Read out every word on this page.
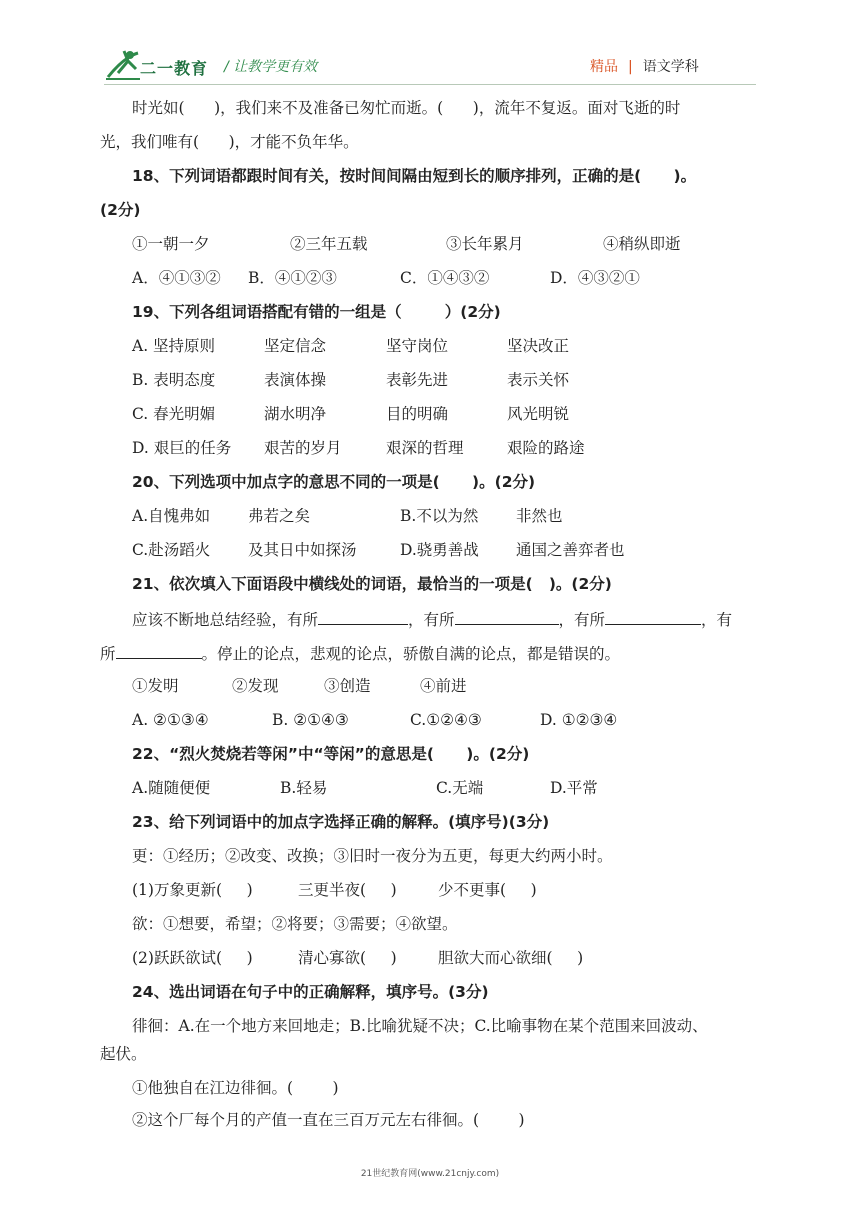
二一教育 / 让教学更有效	精品 | 语文学科
时光如(      )，我们来不及准备已匆忙而逝。(      )，流年不复返。面对飞逝的时
光，我们唯有(      )，才能不负年华。
18、下列词语都跟时间有关，按时间间隔由短到长的顺序排列，正确的是(      )。
(2分)
①一朝一夕	②三年五载	③长年累月	④稍纵即逝
A．④①③② B．④①②③	C．①④③②	D．④③②①
19、下列各组词语搭配有错的一组是（        ）(2分)
A. 坚持原则	坚定信念	坚守岗位	坚决改正
B. 表明态度	表演体操	表彰先进	表示关怀
C. 春光明媚	湖水明净	目的明确	风光明锐
D. 艰巨的任务 艰苦的岁月	艰深的哲理	艰险的路途
20、下列选项中加点字的意思不同的一项是(      )。(2分)
A.自愧弗如 弗若之矣	B.不以为然 非然也
C.赴汤蹈火 及其日中如探汤	D.骁勇善战 通国之善弈者也
21、依次填入下面语段中横线处的词语，最恰当的一项是(   )。(2分)
应该不断地总结经验，有所	，有所	，有所	，有
所	。停止的论点，悲观的论点，骄傲自满的论点，都是错误的。
①发明	②发现	③创造	④前进
A. ②①③④	B. ②①④③	C.①②④③	D. ①②③④
22、“烈火焚烧若等闲”中“等闲”的意思是(      )。(2分)
A.随随便便	B.轻易	C.无端	D.平常
23、给下列词语中的加点字选择正确的解释。(填序号)(3分)
更：①经历；②改变、改换；③旧时一夜分为五更，每更大约两小时。
(1)万象更新(     )	三更半夜(     )	少不更事(     )
欲：①想要，希望；②将要；③需要；④欲望。
(2)跃跃欲试(     )	清心寡欲(     )	胆欲大而心欲细(     )
24、选出词语在句子中的正确解释，填序号。(3分)
徘徊：A.在一个地方来回地走；B.比喻犹疑不决；C.比喻事物在某个范围来回波动、
起伏。
①他独自在江边徘徊。(        )
②这个厂每个月的产值一直在三百万元左右徘徊。(        )
21世纪教育网(www.21cnjy.com)
